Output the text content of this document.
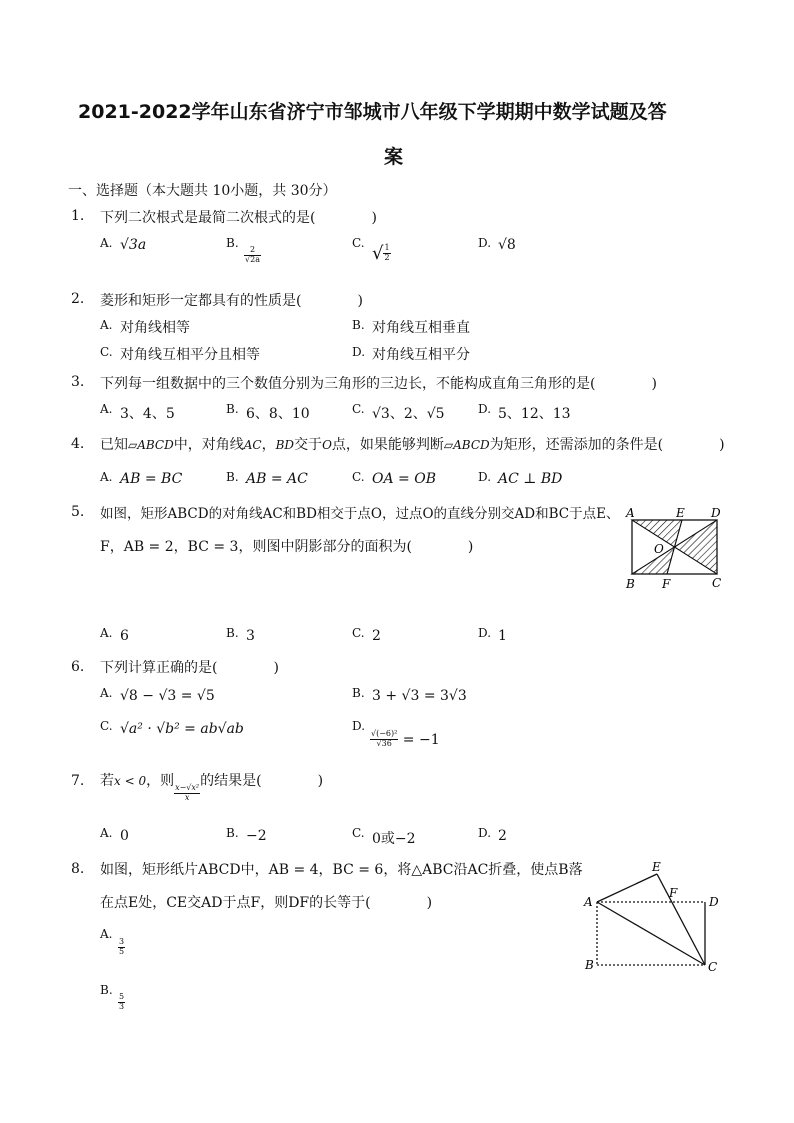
2021-2022学年山东省济宁市邹城市八年级下学期期中数学试题及答
案
一、选择题（本大题共 10小题，共 30分）
1. 下列二次根式是最简二次根式的是(　　　　)
A. √3a	B.
$\frac{2}{√2a}$
C. √ $\frac{1}{2}$
D. √8
2. 菱形和矩形一定都具有的性质是(　　　　)
A. 对角线相等	B. 对角线互相垂直
C. 对角线互相平分且相等	D. 对角线互相平分
3. 下列每一组数据中的三个数值分别为三角形的三边长，不能构成直角三角形的是(　　　　)
A. 3、4、5	B. 6、8、10	C. √3、2、√5	D. 5、12、13
4. 已知▱ABCD中，对角线AC，BD交于O点，如果能够判断▱ABCD为矩形，还需添加的条件是(　　　　)
A. AB = BC	B. AB = AC	C. OA = OB	D. AC ⊥ BD
5. 如图，矩形ABCD的对角线AC和BD相交于点O，过点O的直线分别交AD和BC于点E、
F，AB = 2，BC = 3，则图中阴影部分的面积为(　　　　)
A	E D
O
B F	C
A. 6	B. 3	C. 2	D. 1
6. 下列计算正确的是(　　　　)
A. √8 − √3 = √5	B. 3 + √3 = 3√3
C. √a² · √b² = ab√ab	D.
$\frac{\text{√(−6)²}}{√36} = -1$
7. 若x < 0，则
$\frac{\text{x−√x²}}{x}$
的结果是(　　　　)
A. 0	B. −2	C. 0或−2	D. 2
8. 如图，矩形纸片ABCD中，AB = 4，BC = 6，将△ABC沿AC折叠，使点B落
在点E处，CE交AD于点F，则DF的长等于(　　　　)
E
F
A	D
B	C
A.
$\frac{3}{5}$
B.
$\frac{5}{3}$
